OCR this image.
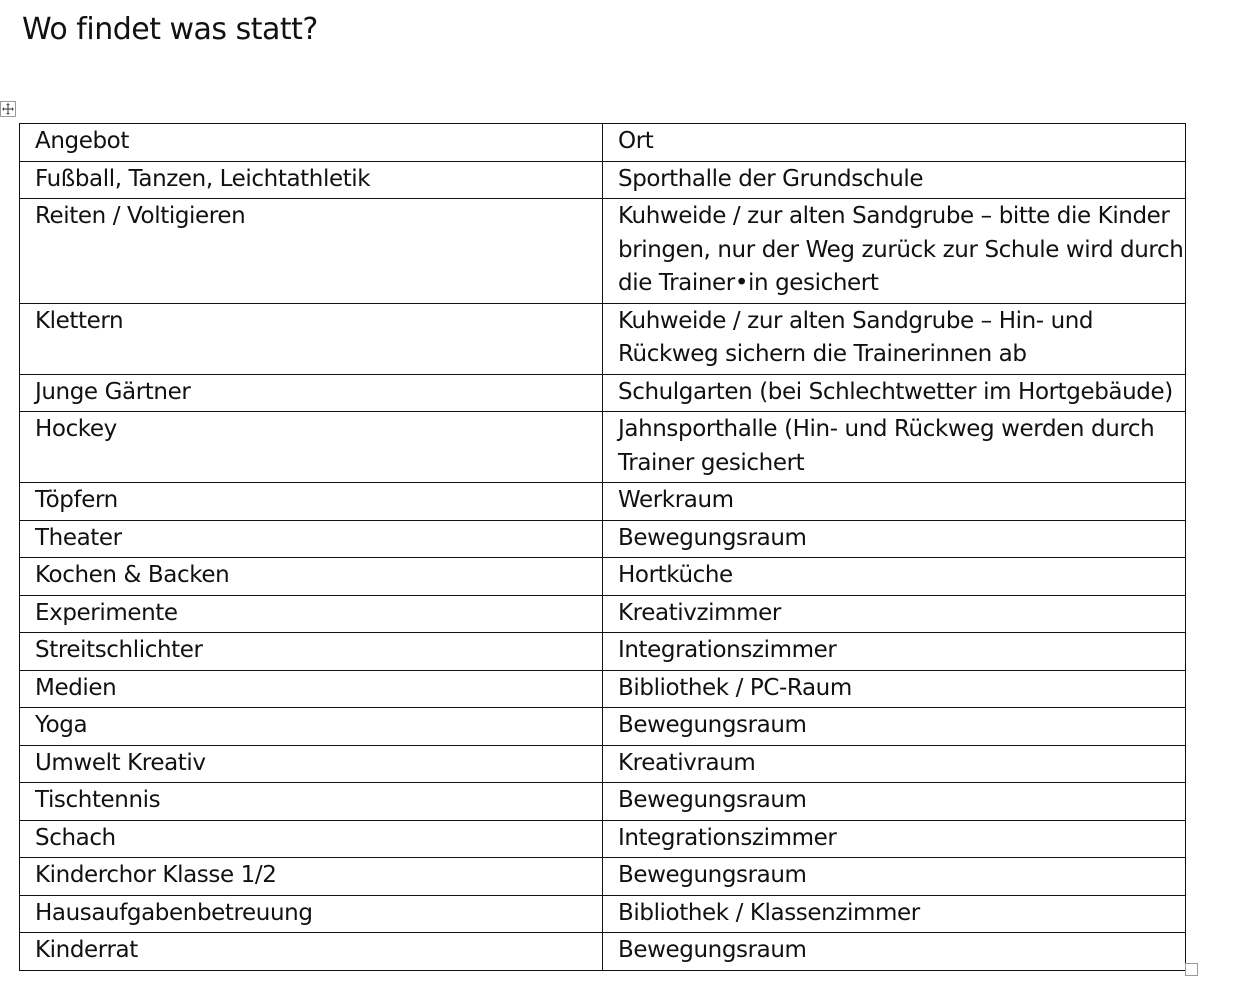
Wo findet was statt?
Angebot	Ort
Fußball, Tanzen, Leichtathletik	Sporthalle der Grundschule
Reiten / Voltigieren	Kuhweide / zur alten Sandgrube – bitte die Kinder bringen, nur der Weg zurück zur Schule wird durch die Trainer•in gesichert
Klettern	Kuhweide / zur alten Sandgrube – Hin- und Rückweg sichern die Trainerinnen ab
Junge Gärtner	Schulgarten (bei Schlechtwetter im Hortgebäude)
Hockey	Jahnsporthalle (Hin- und Rückweg werden durch Trainer gesichert
Töpfern	Werkraum
Theater	Bewegungsraum
Kochen & Backen	Hortküche
Experimente	Kreativzimmer
Streitschlichter	Integrationszimmer
Medien	Bibliothek / PC-Raum
Yoga	Bewegungsraum
Umwelt Kreativ	Kreativraum
Tischtennis	Bewegungsraum
Schach	Integrationszimmer
Kinderchor Klasse 1/2	Bewegungsraum
Hausaufgabenbetreuung	Bibliothek / Klassenzimmer
Kinderrat	Bewegungsraum
